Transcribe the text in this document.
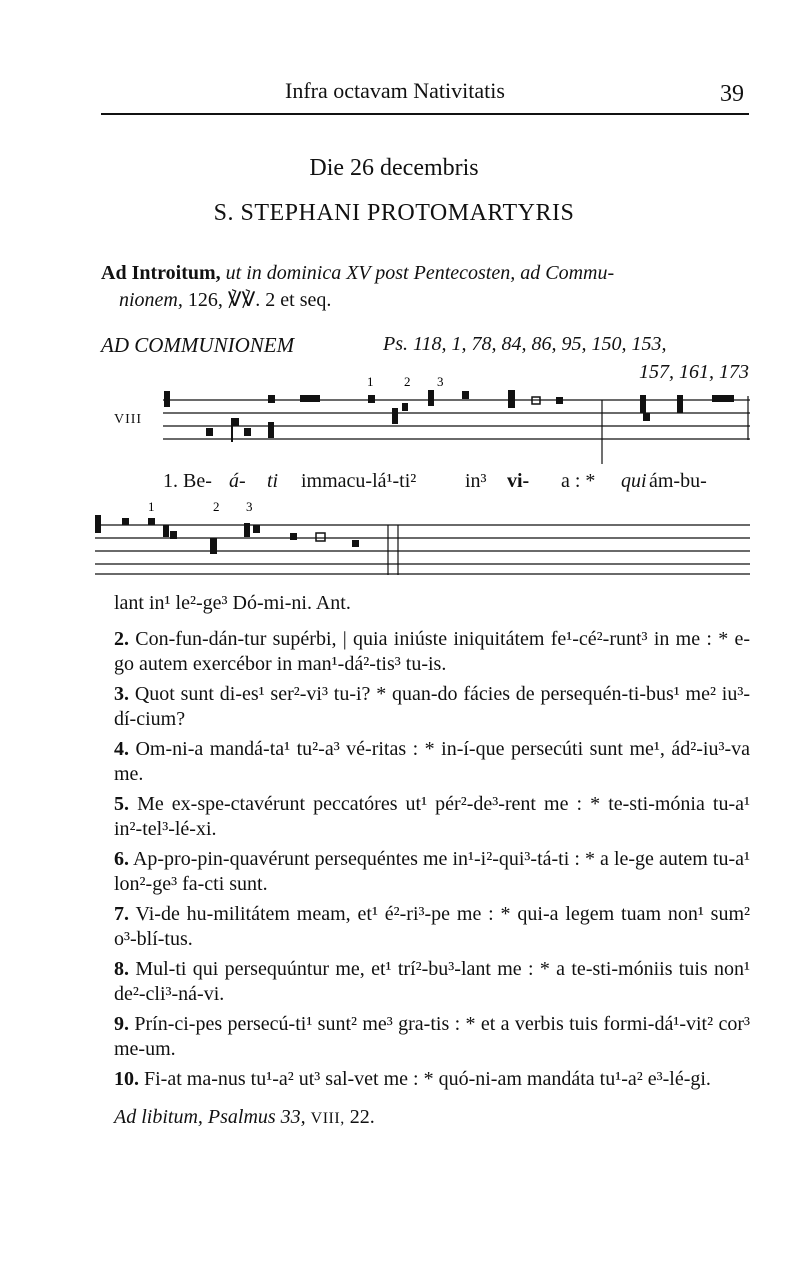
Infra octavam Nativitatis	39
Die 26 decembris
S. STEPHANI PROTOMARTYRIS
Ad Introitum, ut in dominica XV post Pentecosten, ad Commu-
nionem, 126, ℣℣. 2 et seq.
AD COMMUNIONEM	Ps. 118, 1, 78, 84, 86, 95, 150, 153,
157, 161, 173
VIII
1 2 3
1. Be- á- ti immacu-lá¹-ti² in³ vi- a : * qui ám-bu-
1	2 3
lant in¹ le²-ge³ Dó-mi-ni. Ant.
2. Con-fun-dán-tur supérbi, | quia iniúste iniquitátem fe¹-cé²-runt³ in me : * e-go autem exercébor in man¹-dá²-tis³ tu-is.
3. Quot sunt di-es¹ ser²-vi³ tu-i? * quan-do fácies de persequén-ti-bus¹ me² iu³-dí-cium?
4. Om-ni-a mandá-ta¹ tu²-a³ vé-ritas : * in-í-que persecúti sunt me¹, ád²-iu³-va me.
5. Me ex-spe-ctavérunt peccatóres ut¹ pér²-de³-rent me : * te-sti-mónia tu-a¹ in²-tel³-lé-xi.
6. Ap-pro-pin-quavérunt persequéntes me in¹-i²-qui³-tá-ti : * a le-ge autem tu-a¹ lon²-ge³ fa-cti sunt.
7. Vi-de hu-militátem meam, et¹ é²-ri³-pe me : * qui-a legem tuam non¹ sum² o³-blí-tus.
8. Mul-ti qui persequúntur me, et¹ trí²-bu³-lant me : * a te-sti-móniis tuis non¹ de²-cli³-ná-vi.
9. Prín-ci-pes persecú-ti¹ sunt² me³ gra-tis : * et a verbis tuis formi-dá¹-vit² cor³ me-um.
10. Fi-at ma-nus tu¹-a² ut³ sal-vet me : * quó-ni-am mandáta tu¹-a² e³-lé-gi.
Ad libitum, Psalmus 33, VIII, 22.
